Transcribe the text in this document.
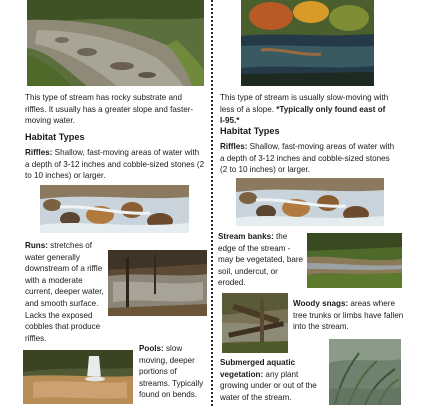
This type of stream has rocky substrate and riffles. It usually has a greater slope and faster-moving water.
Habitat Types
Riffles: Shallow, fast-moving areas of water with a depth of 3-12 inches and cobble-sized stones (2 to 10 inches) or larger.
Runs: stretches of water generally downstream of a riffle with a moderate current, deeper water, and smooth surface. Lacks the exposed cobbles that produce riffles.
Pools: slow moving, deeper portions of streams. Typically found on bends.
This type of stream is usually slow-moving with less of a slope. *Typically only found east of I-95.*
Habitat Types
Riffles: Shallow, fast-moving areas of water with a depth of 3-12 inches and cobble-sized stones (2 to 10 inches) or larger.
Stream banks: the edge of the stream - may be vegetated, bare soil, undercut, or eroded.
Woody snags: areas where tree trunks or limbs have fallen into the stream.
Submerged aquatic vegetation: any plant growing under or out of the water of the stream.
